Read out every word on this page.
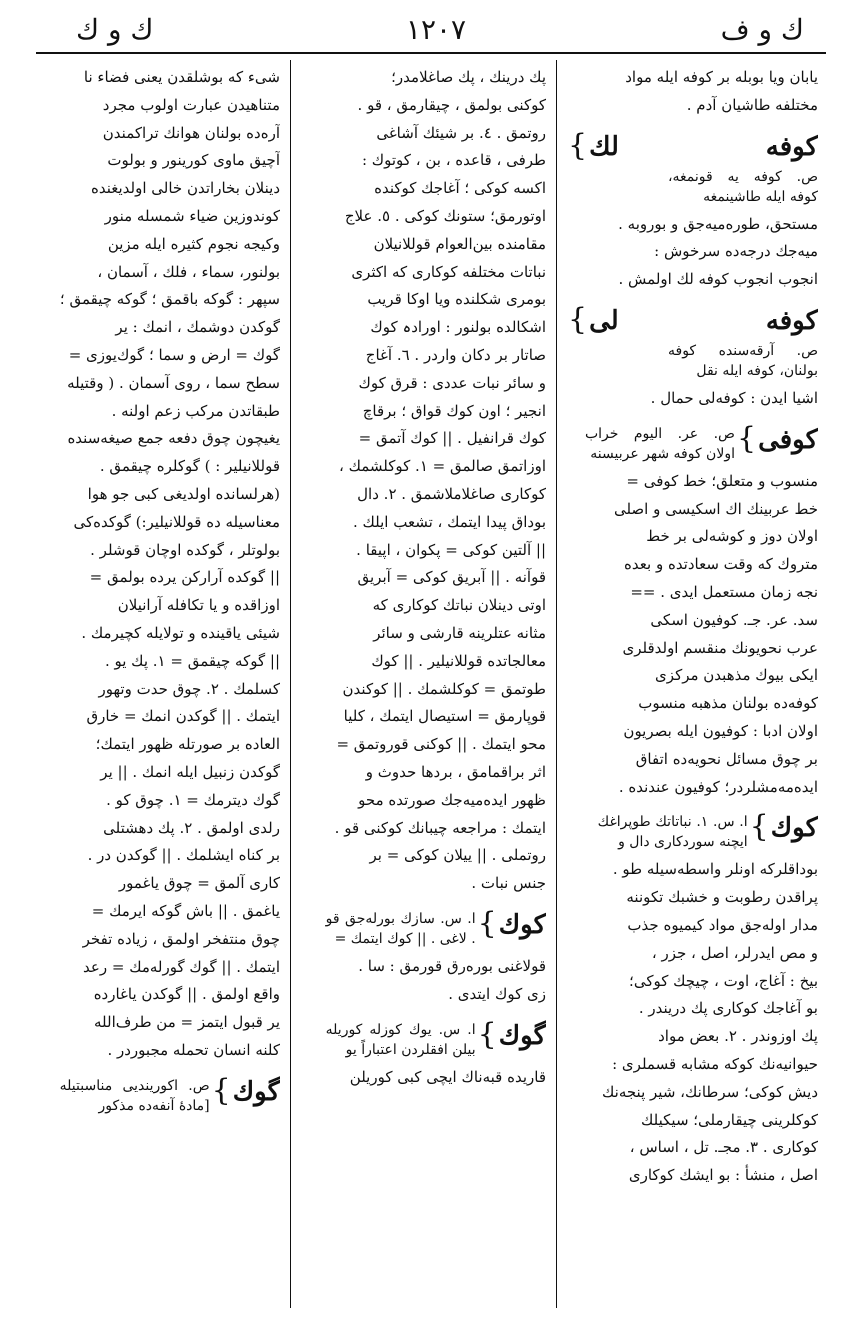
ك و ك	١٢٠٧	ك و ف
یابان ویا بوبله بر کوفه ایله مواد
مختلفه طاشیان آدم .
کوفه لك}ص. کوفه یه قونمغه، کوفه ایله طاشینمغه
مستحق، طوره‌میه‌جق و بوروبه .
میه‌جك درجه‌ده سرخوش :
انجوب انجوب کوفه لك اولمش .
کوفه لی}ص. آرقه‌سنده کوفه بولنان، کوفه ایله نقل
اشیا ایدن : کوفه‌لی حمال .
کوفی}ص. عر. الیوم خراب اولان کوفه شهر عربیسنه
منسوب و متعلق؛ خط کوفی =
خط عربینك اك اسکیسی و اصلی
اولان دوز و کوشه‌لی بر خط
متروك که وقت سعادتده و بعده
نجه زمان مستعمل ایدی . ==
سد. عر. جـ. کوفیون اسکی
عرب نحویونك منقسم اولدقلری
ایکی بیوك مذهبدن مرکزی
کوفه‌ده بولنان مذهبه منسوب
اولان ادبا : کوفیون ایله بصریون
بر چوق مسائل نحویه‌ده اتفاق
ایده‌مه‌مشلردر؛ کوفیون عندنده .
کوك}ا. س. ١. نباتاتك طوپراغك ایچنه سوردکاری دال و
بوداقلرکه اونلر واسطه‌سیله طو .
پراقدن رطوبت و خشبك تکوننه
مدار اوله‌جق مواد کیمیوه جذب
و مص ایدرلر، اصل ، جزر ،
بیخ : آغاج، اوت ، چیچك کوکی؛
بو آغاجك کوکاری پك دریندر .
پك اوزوندر . ٢. بعض مواد
حیوانیه‌نك کوکه مشابه قسملری :
دیش کوکی؛ سرطانك، شیر پنجه‌نك
کوکلرینی چیقارملی؛ سیکیلك
کوکاری . ٣. مجـ. تل ، اساس ،
اصل ، منشأ : بو ایشك کوکاری
پك درینك ، پك صاغلامدر؛
کوکنی بولمق ، چیقارمق ، قو .
روتمق . ٤. بر شیئك آشاغی
طرفی ، قاعده ، بن ، کوتوك :
اکسه کوکی ؛ آغاجك کوکنده
اوتورمق؛ ستونك کوکی . ٥. علاج
مقامنده بین‌العوام قوللانیلان
نباتات مختلفه کوکاری که اکثری
بومری شکلنده ویا اوکا قریب
اشکالده بولنور : اورادہ کوك
صاتار بر دکان واردر . ٦. آغاج
و سائر نبات عددی : قرق کوك
انجیر ؛ اون کوك قواق ؛ برقاچ
کوك قرانفیل . || کوك آتمق =
اوزاتمق صالمق = ١. کوکلشمك ،
کوکاری صاغلاملاشمق . ٢. دال
بوداق پیدا ایتمك ، تشعب ایلك .
|| آلتین کوکی = پکوان ، اپیقا .
قوآنه . || آبریق کوکی = آبریق
اوتی دینلان نباتك کوکاری که
مثانه عتلرینه قارشی و سائر
معالجاتده قوللانیلیر . || کوك
طوتمق = کوکلشمك . || کوکندن
قوپارمق = استیصال ایتمك ، کلیا
محو ایتمك . || کوکنی قوروتمق =
اثر براقمامق ، بردها حدوث و
ظهور ایده‌میه‌جك صورتده محو
ایتمك : مراجعه چیبانك کوکنی قو .
روتملی . || ییلان کوکی = بر
جنس نبات .
کوك}ا. س. سازك بورله‌جق قو . لاغی . || کوك ایتمك =
قولاغنی بوره‌رق قورمق : سا .
زی کوك ایتدی .
گوك}ا. س. یوك کوزله کوریله بیلن افقلردن اعتباراً یو
قاریده قبه‌ناك ایچی کبی کوریلن
شیء که بوشلقدن یعنی فضاء نا
متناهیدن عبارت اولوب مجرد
آره‌ده بولنان هوانك تراکمندن
آچیق ماوی کورینور و بولوت
دینلان بخاراتدن خالی اولدیغنده
کوندوزین ضیاء شمسله منور
وکیجه نجوم کثیره ایله مزین
بولنور، سماء ، فلك ، آسمان ،
سپهر : گوکه باقمق ؛ گوکه چیقمق ؛
گوکدن دوشمك ، انمك : یر
گوك = ارض و سما ؛ گوك‌یوزی =
سطح سما ، روی آسمان . ( وقتیله
طبقاتدن مرکب زعم اولنه .
یغیچون چوق دفعه جمع صیغه‌سنده
قوللانیلیر : ) گوکلره چیقمق .
(هرلسانده اولدیغی کبی جو هوا
معناسیله ده قوللانیلیر:) گوکده‌کی
بولوتلر ، گوکده اوچان قوشلر .
|| گوکده آرارکن یرده بولمق =
اوزاقده و یا تکافله آرانیلان
شیئی یاقینده و تولایله کچیرمك .
|| گوکه چیقمق = ١. پك یو .
کسلمك . ٢. چوق حدت وتهور
ایتمك . || گوکدن انمك = خارق
العاده بر صورتله ظهور ایتمك؛
گوکدن زنبیل ایله انمك . || یر
گوك دیترمك = ١. چوق کو .
رلدی اولمق . ٢. پك دهشتلی
بر کناه ایشلمك . || گوکدن در .
کاری آلمق = چوق یاغمور
یاغمق . || باش گوکه ایرمك =
چوق منتفخر اولمق ، زیاده تفخر
ایتمك . || گوك گورله‌مك = رعد
واقع اولمق . || گوکدن یاغارده
یر قبول ایتمز = من طرف‌الله
کلنه انسان تحمله مجبوردر .
گوك}ص. اکوریندیی مناسبتیله [مادهٔ آنفه‌ده مذکور
